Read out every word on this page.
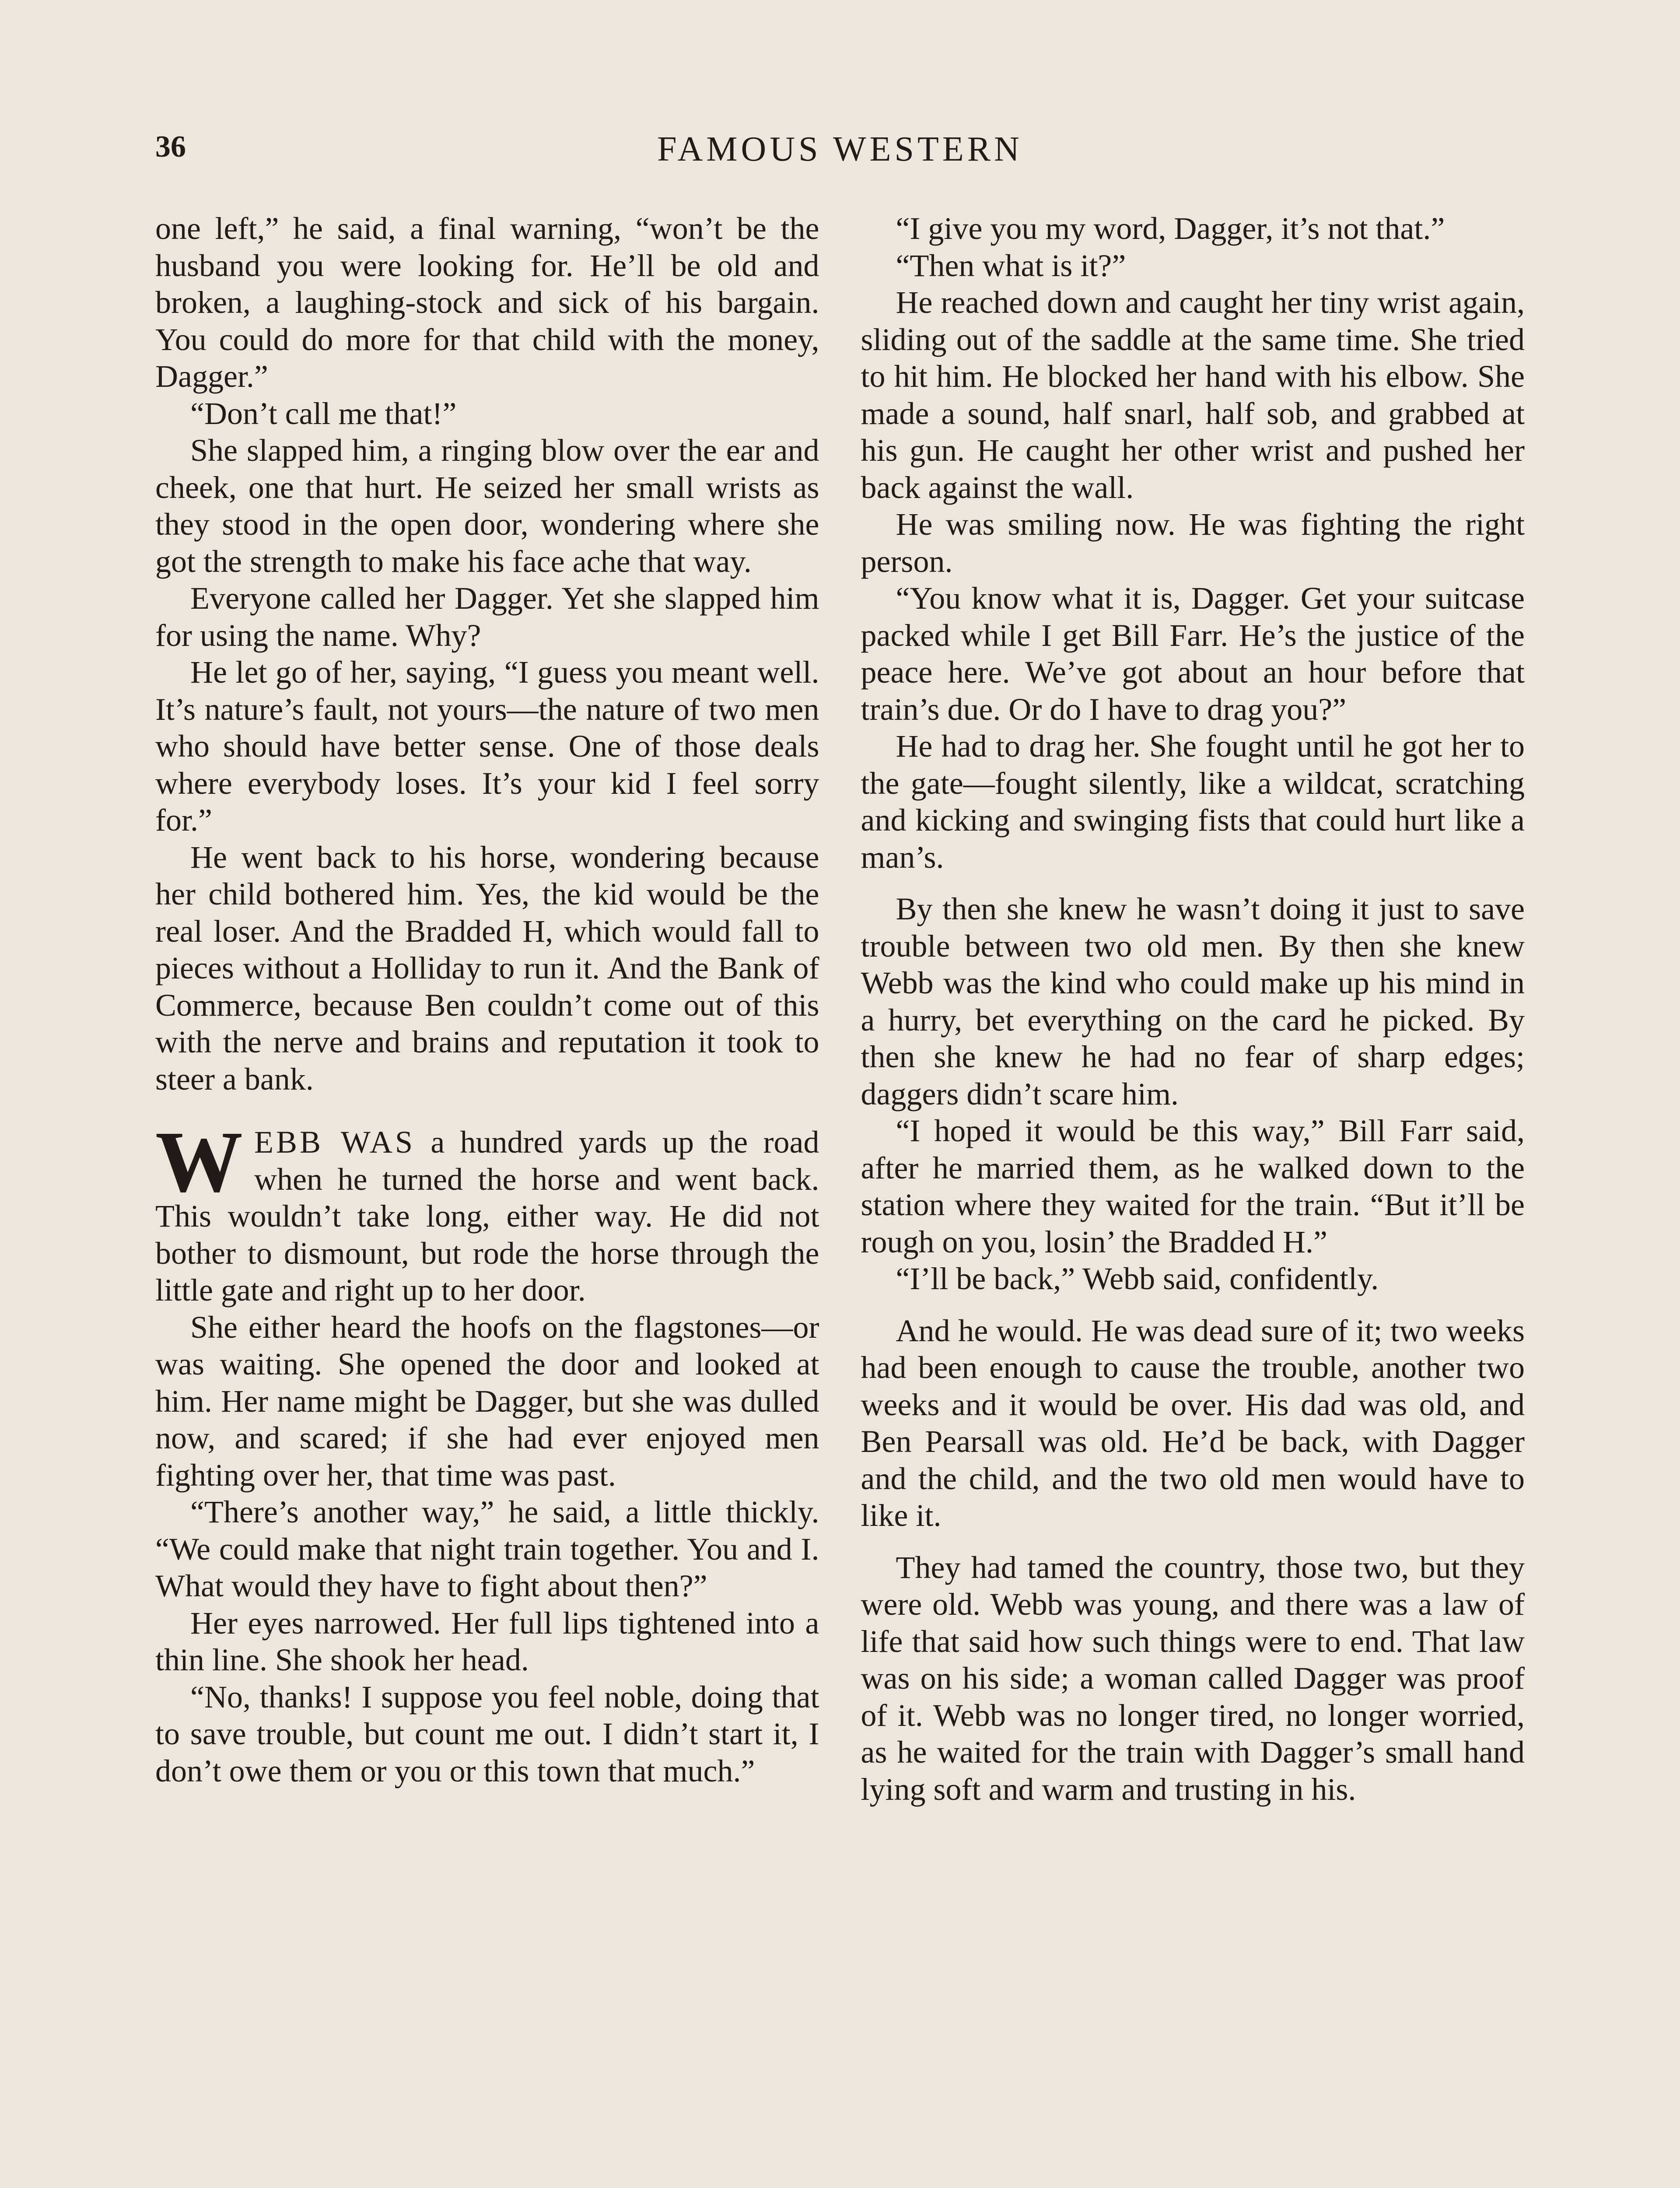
36	FAMOUS WESTERN

one left,” he said, a final warning, “won’t be the husband you were looking for. He’ll be old and broken, a laughing-stock and sick of his bargain. You could do more for that child with the money, Dagger.”

“Don’t call me that!”

She slapped him, a ringing blow over the ear and cheek, one that hurt. He seized her small wrists as they stood in the open door, wondering where she got the strength to make his face ache that way.

Everyone called her Dagger. Yet she slapped him for using the name. Why?

He let go of her, saying, “I guess you meant well. It’s nature’s fault, not yours—the nature of two men who should have better sense. One of those deals where everybody loses. It’s your kid I feel sorry for.”

He went back to his horse, wondering because her child bothered him. Yes, the kid would be the real loser. And the Bradded H, which would fall to pieces without a Holliday to run it. And the Bank of Commerce, because Ben couldn’t come out of this with the nerve and brains and reputation it took to steer a bank.

WEBB WAS a hundred yards up the road when he turned the horse and went back. This wouldn’t take long, either way. He did not bother to dismount, but rode the horse through the little gate and right up to her door.

She either heard the hoofs on the flagstones—or was waiting. She opened the door and looked at him. Her name might be Dagger, but she was dulled now, and scared; if she had ever enjoyed men fighting over her, that time was past.

“There’s another way,” he said, a little thickly. “We could make that night train together. You and I. What would they have to fight about then?”

Her eyes narrowed. Her full lips tightened into a thin line. She shook her head.

“No, thanks! I suppose you feel noble, doing that to save trouble, but count me out. I didn’t start it, I don’t owe them or you or this town that much.”

“I give you my word, Dagger, it’s not that.”

“Then what is it?”

He reached down and caught her tiny wrist again, sliding out of the saddle at the same time. She tried to hit him. He blocked her hand with his elbow. She made a sound, half snarl, half sob, and grabbed at his gun. He caught her other wrist and pushed her back against the wall.

He was smiling now. He was fighting the right person.

“You know what it is, Dagger. Get your suitcase packed while I get Bill Farr. He’s the justice of the peace here. We’ve got about an hour before that train’s due. Or do I have to drag you?”

He had to drag her. She fought until he got her to the gate—fought silently, like a wildcat, scratching and kicking and swinging fists that could hurt like a man’s.

By then she knew he wasn’t doing it just to save trouble between two old men. By then she knew Webb was the kind who could make up his mind in a hurry, bet everything on the card he picked. By then she knew he had no fear of sharp edges; daggers didn’t scare him.

“I hoped it would be this way,” Bill Farr said, after he married them, as he walked down to the station where they waited for the train. “But it’ll be rough on you, losin’ the Bradded H.”

“I’ll be back,” Webb said, confidently.

And he would. He was dead sure of it; two weeks had been enough to cause the trouble, another two weeks and it would be over. His dad was old, and Ben Pearsall was old. He’d be back, with Dagger and the child, and the two old men would have to like it.

They had tamed the country, those two, but they were old. Webb was young, and there was a law of life that said how such things were to end. That law was on his side; a woman called Dagger was proof of it. Webb was no longer tired, no longer worried, as he waited for the train with Dagger’s small hand lying soft and warm and trusting in his.
